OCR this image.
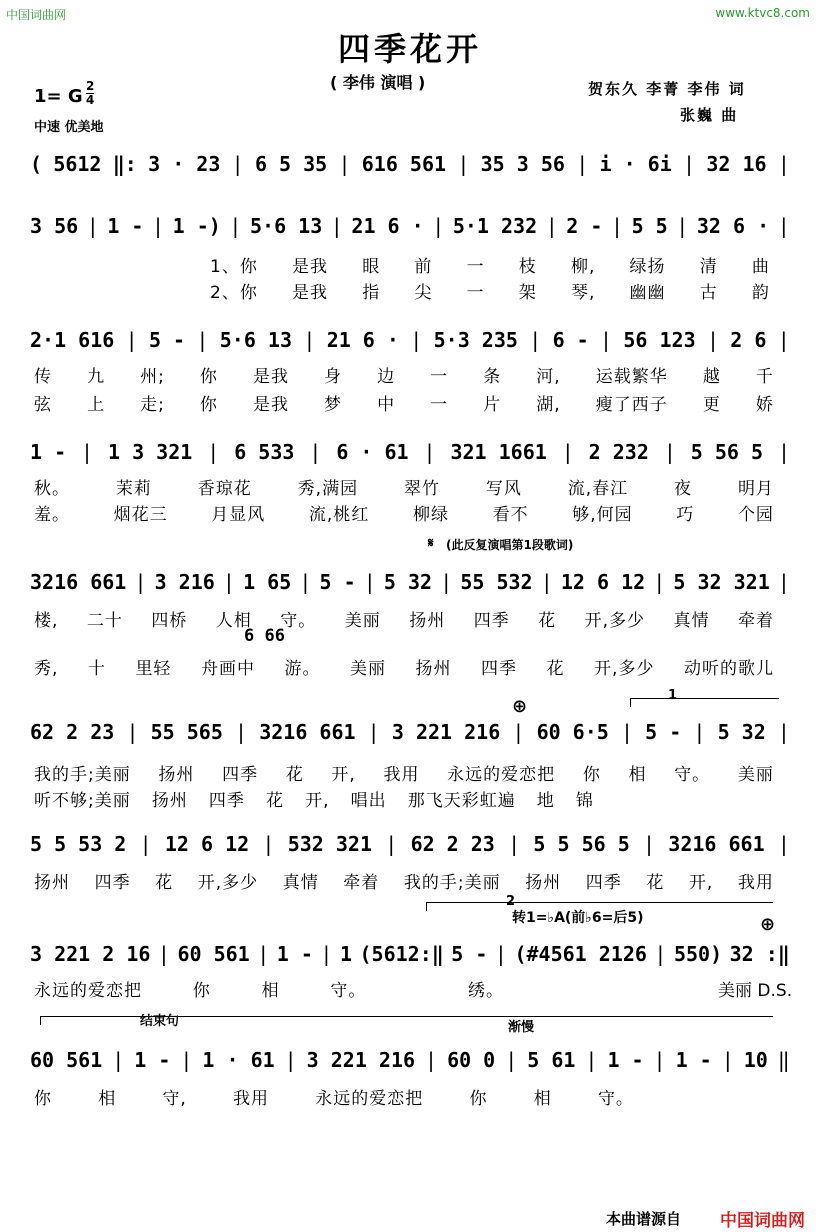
中国词曲网	www.ktvc8.com
四季花开
( 李伟 演唱 )	贺东久 李菁 李伟 词
张巍 曲
1= G $\frac{2}{4}$
中速 优美地
𝄋 (此反复演唱第1段歌词)
6 66
⊕
1
2
转1=♭A(前♭6=后5)	⊕
结束句	渐慢
美丽 D.S.
( 5612 ‖: 3 · 23 | 6 5 35 | 616 561 | 35 3 56 | i · 6i | 32 16 |
3 56 | 1 - | 1 -) | 5·6 13 | 21 6 · | 5·1 232 | 2 - | 5 5 | 32 6 · |
1、你 是我 眼 前 一 枝 柳, 绿扬 清 曲
2、你 是我 指 尖 一 架 琴, 幽幽 古 韵
2·1 616 | 5 - | 5·6 13 | 21 6 · | 5·3 235 | 6 - | 56 123 | 2 6 |
传 九 州; 你 是我 身 边 一 条 河, 运载繁华 越 千
弦 上 走; 你 是我 梦 中 一 片 湖, 瘦了西子 更 娇
1 - | 1 3 321 | 6 533 | 6 · 61 | 321 1661 | 2 232 | 5 56 5 |
秋。	茉莉	香琼花	秀,满园	翠竹	写风	流,春江	夜	明月
羞。	烟花三	月显风	流,桃红	柳绿	看不	够,何园	巧	个园
3216 661 | 3 216 | 1 65 | 5 - | 5 32 | 55 532 | 12 6 12 | 5 32 321 |
楼, 二十 四桥 人相 守。 美丽 扬州 四季 花 开,多少 真情 牵着
秀, 十 里轻 舟画中 游。 美丽 扬州 四季 花 开,多少 动听的歌儿
62 2 23 | 55 565 | 3216 661 | 3 221 216 | 60 6·5 | 5 - | 5 32 |
我的手;美丽 扬州 四季 花 开, 我用 永远的爱恋把 你 相 守。 美丽
听不够;美丽 扬州 四季 花 开, 唱出 那飞天彩虹遍 地 锦
5 5 53 2 | 12 6 12 | 532 321 | 62 2 23 | 5 5 56 5 | 3216 661 |
扬州 四季 花 开,多少 真情 牵着 我的手;美丽 扬州 四季 花 开, 我用
3 221 2 16 | 60 561 | 1 - | 1 (5612:‖ 5 - | (#4561 2126 | 550) 32 :‖
永远的爱恋把	你	相	守。	绣。
60 561 | 1 - | 1 · 61 | 3 221 216 | 60 0 | 5 61 | 1 - | 1 - | 10 ‖
你	相	守,	我用	永远的爱恋把	你	相	守。
本曲谱源自 中国词曲网
